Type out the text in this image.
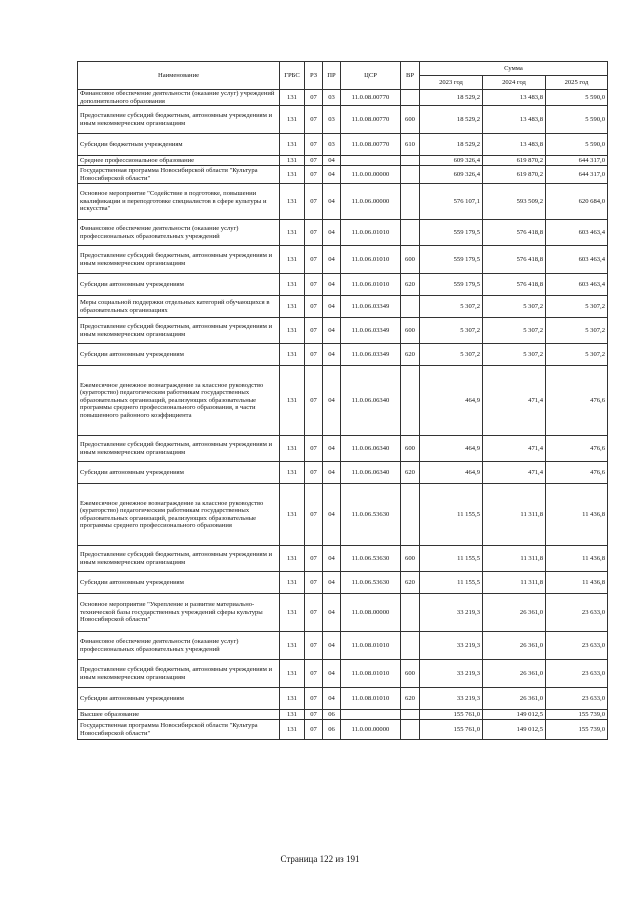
Наименование	ГРБС	РЗ	ПР	ЦСР	ВР	Сумма		
						2023 год	2024 год	2025 год
Финансовое обеспечение деятельности (оказание услуг) учреждений дополнительного образования	131	07	03	11.0.08.00770		18 529,2	13 483,8	5 590,0
Предоставление субсидий бюджетным, автономным учреждениям и иным некоммерческим организациям	131	07	03	11.0.08.00770	600	18 529,2	13 483,8	5 590,0
Субсидии бюджетным учреждениям	131	07	03	11.0.08.00770	610	18 529,2	13 483,8	5 590,0
Среднее профессиональное образование	131	07	04			609 326,4	619 870,2	644 317,0
Государственная программа Новосибирской области "Культура Новосибирской области"	131	07	04	11.0.00.00000		609 326,4	619 870,2	644 317,0
Основное мероприятие "Содействие в подготовке, повышении квалификации и переподготовке специалистов в сфере культуры и искусства"	131	07	04	11.0.06.00000		576 107,1	593 509,2	620 684,0
Финансовое обеспечение деятельности (оказание услуг) профессиональных образовательных учреждений	131	07	04	11.0.06.01010		559 179,5	576 418,8	603 463,4
Предоставление субсидий бюджетным, автономным учреждениям и иным некоммерческим организациям	131	07	04	11.0.06.01010	600	559 179,5	576 418,8	603 463,4
Субсидии автономным учреждениям	131	07	04	11.0.06.01010	620	559 179,5	576 418,8	603 463,4
Меры социальной поддержки отдельных категорий обучающихся в образовательных организациях	131	07	04	11.0.06.03349		5 307,2	5 307,2	5 307,2
Предоставление субсидий бюджетным, автономным учреждениям и иным некоммерческим организациям	131	07	04	11.0.06.03349	600	5 307,2	5 307,2	5 307,2
Субсидии автономным учреждениям	131	07	04	11.0.06.03349	620	5 307,2	5 307,2	5 307,2
Ежемесячное денежное вознаграждение за классное руководство (кураторство) педагогическим работникам государственных образовательных организаций, реализующих образовательные программы среднего профессионального образования, в части повышенного районного коэффициента	131	07	04	11.0.06.06340		464,9	471,4	476,6
Предоставление субсидий бюджетным, автономным учреждениям и иным некоммерческим организациям	131	07	04	11.0.06.06340	600	464,9	471,4	476,6
Субсидии автономным учреждениям	131	07	04	11.0.06.06340	620	464,9	471,4	476,6
Ежемесячное денежное вознаграждение за классное руководство (кураторство) педагогическим работникам государственных образовательных организаций, реализующих образовательные программы среднего профессионального образования	131	07	04	11.0.06.53630		11 155,5	11 311,8	11 436,8
Предоставление субсидий бюджетным, автономным учреждениям и иным некоммерческим организациям	131	07	04	11.0.06.53630	600	11 155,5	11 311,8	11 436,8
Субсидии автономным учреждениям	131	07	04	11.0.06.53630	620	11 155,5	11 311,8	11 436,8
Основное мероприятие "Укрепление и развитие материально-технической базы государственных учреждений сферы культуры Новосибирской области"	131	07	04	11.0.08.00000		33 219,3	26 361,0	23 633,0
Финансовое обеспечение деятельности (оказание услуг) профессиональных образовательных учреждений	131	07	04	11.0.08.01010		33 219,3	26 361,0	23 633,0
Предоставление субсидий бюджетным, автономным учреждениям и иным некоммерческим организациям	131	07	04	11.0.08.01010	600	33 219,3	26 361,0	23 633,0
Субсидии автономным учреждениям	131	07	04	11.0.08.01010	620	33 219,3	26 361,0	23 633,0
Высшее образование	131	07	06			155 761,0	149 012,5	155 739,0
Государственная программа Новосибирской области "Культура Новосибирской области"	131	07	06	11.0.00.00000		155 761,0	149 012,5	155 739,0
Страница 122 из 191
